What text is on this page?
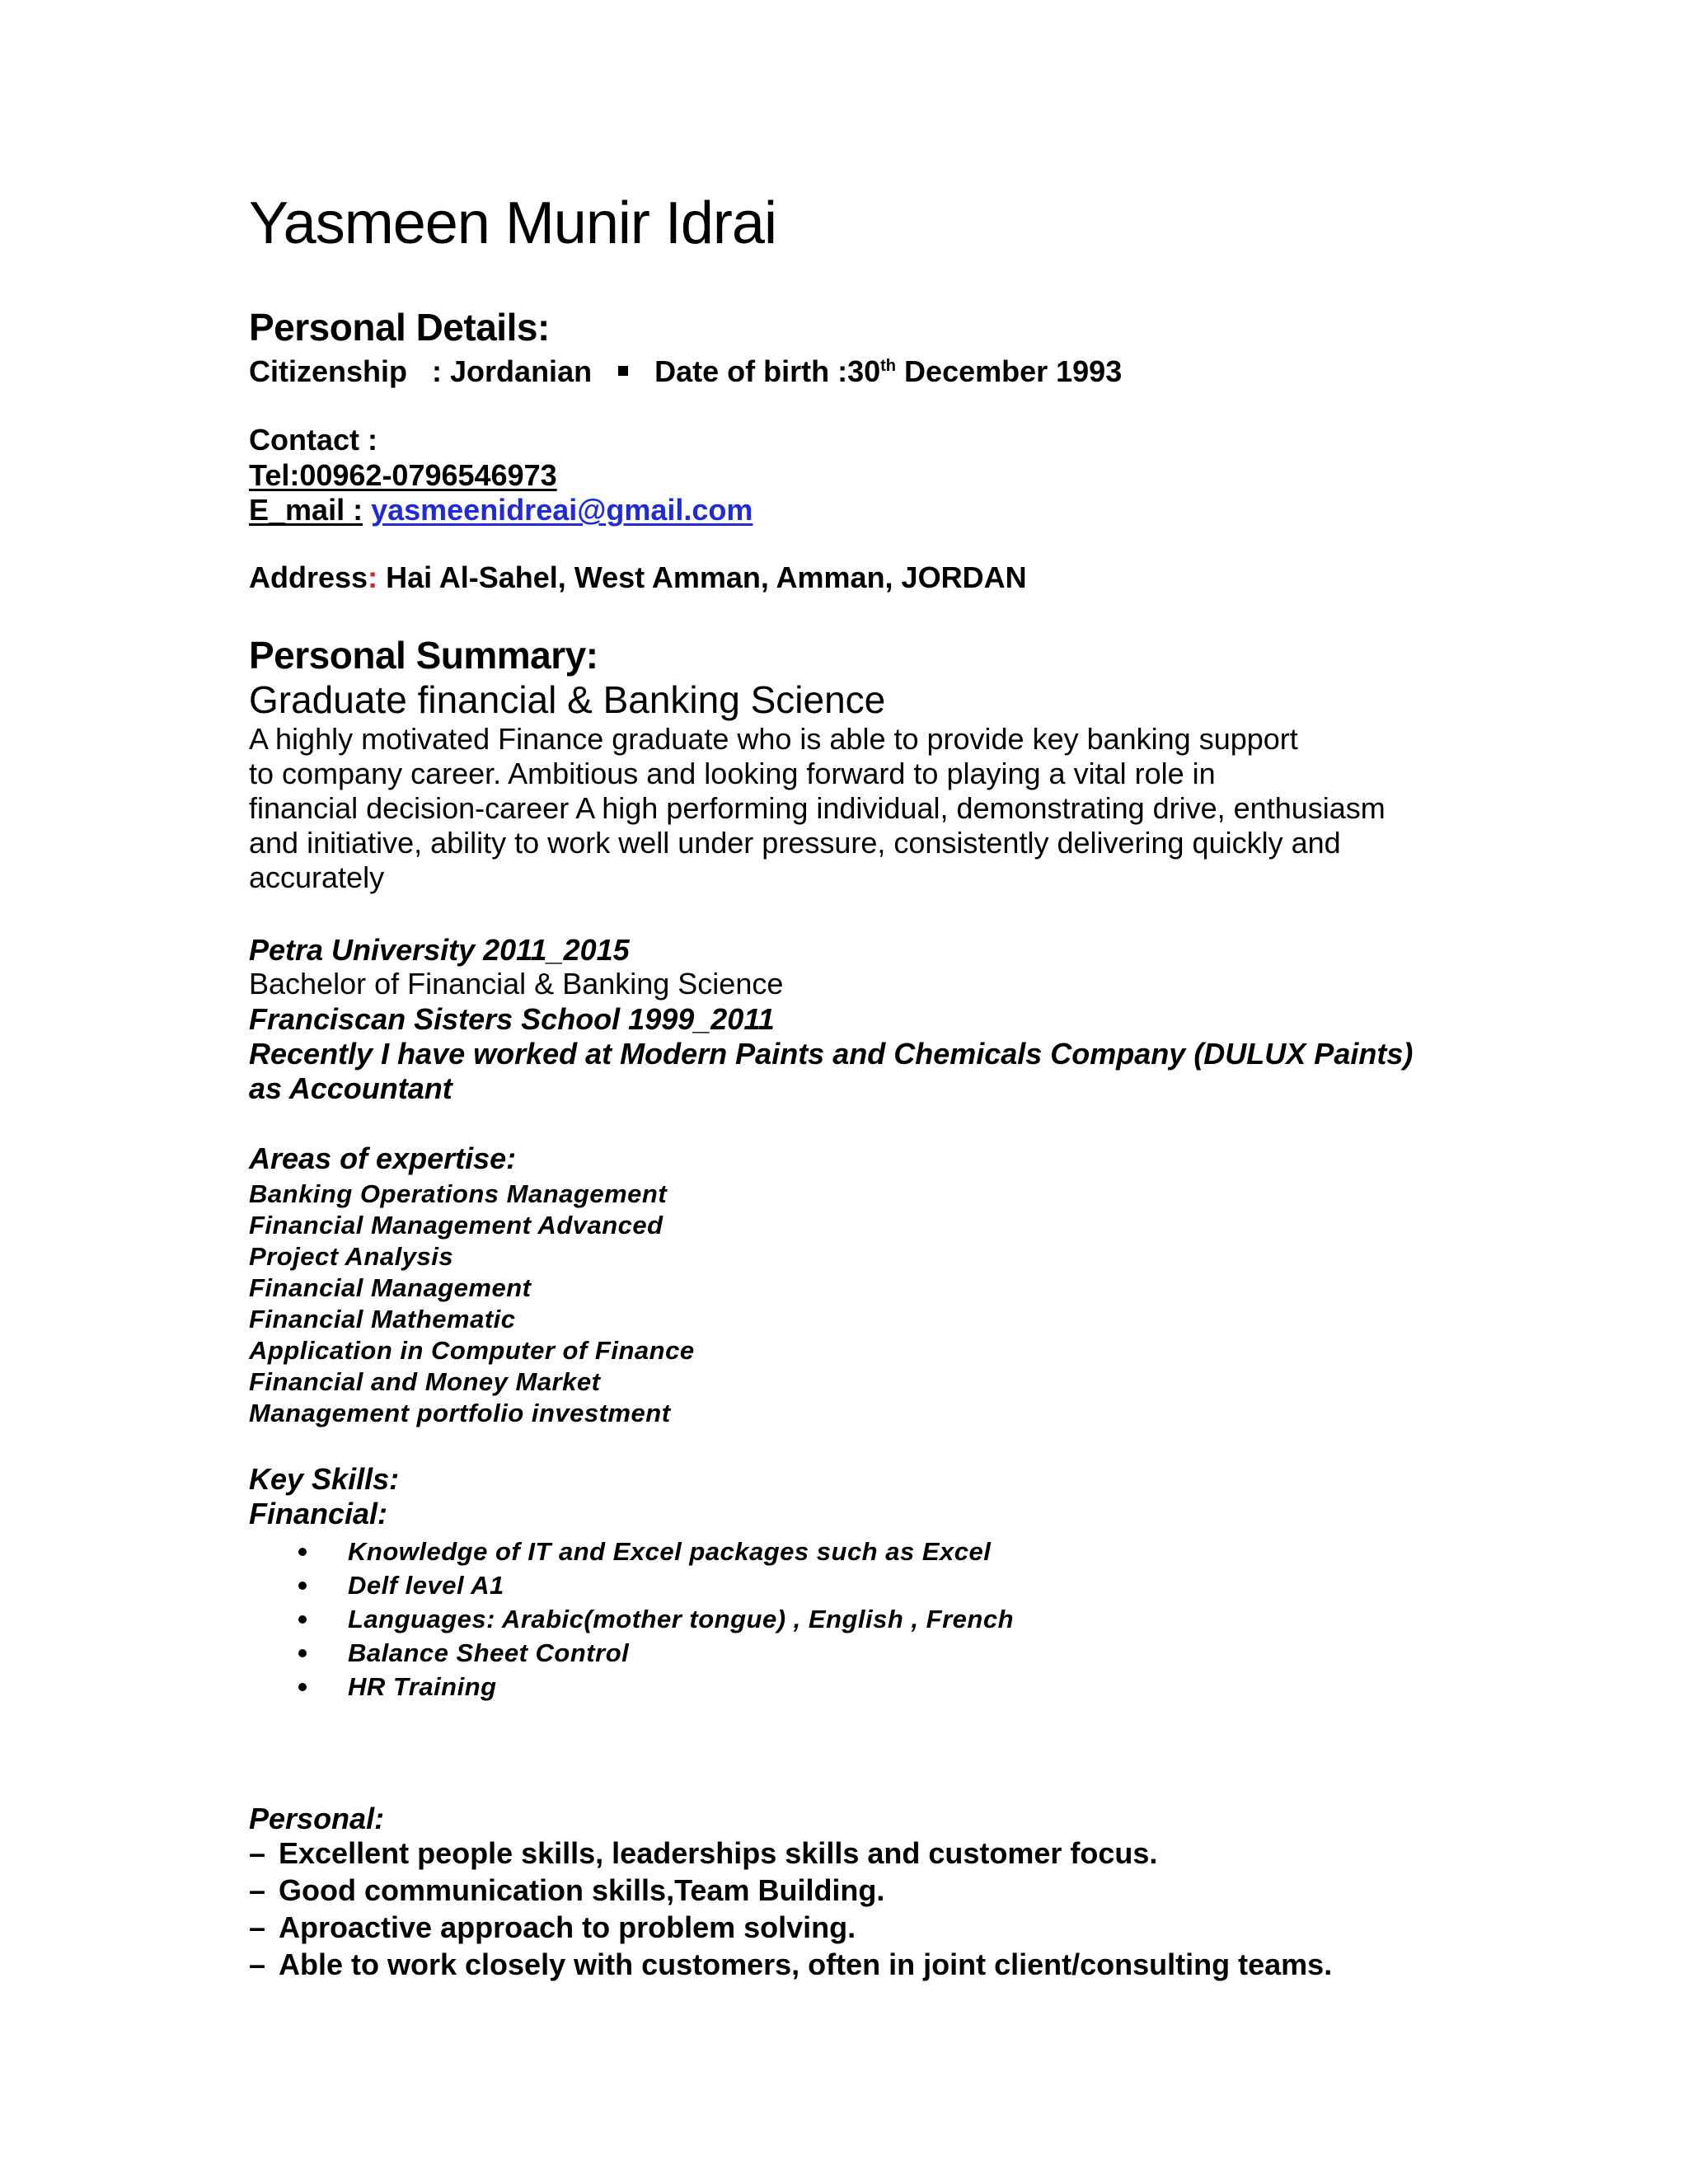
Yasmeen Munir Idrai
Personal Details:
Citizenship : Jordanian Date of birth :30th December 1993
Contact :
Tel:00962-0796546973
E_mail : yasmeenidreai@gmail.com
Address: Hai Al-Sahel, West Amman, Amman, JORDAN
Personal Summary:
Graduate financial & Banking Science
A highly motivated Finance graduate who is able to provide key banking support
to company career. Ambitious and looking forward to playing a vital role in
financial decision-career A high performing individual, demonstrating drive, enthusiasm
and initiative, ability to work well under pressure, consistently delivering quickly and
accurately
Petra University 2011_2015
Bachelor of Financial & Banking Science
Franciscan Sisters School 1999_2011
Recently I have worked at Modern Paints and Chemicals Company (DULUX Paints)
as Accountant
Areas of expertise:
Banking Operations Management
Financial Management Advanced
Project Analysis
Financial Management
Financial Mathematic
Application in Computer of Finance
Financial and Money Market
Management portfolio investment
Key Skills:
Financial:
Knowledge of IT and Excel packages such as Excel
Delf level A1
Languages: Arabic(mother tongue) , English , French
Balance Sheet Control
HR Training
Personal:
– Excellent people skills, leaderships skills and customer focus.
– Good communication skills,Team Building.
– Aproactive approach to problem solving.
– Able to work closely with customers, often in joint client/consulting teams.
